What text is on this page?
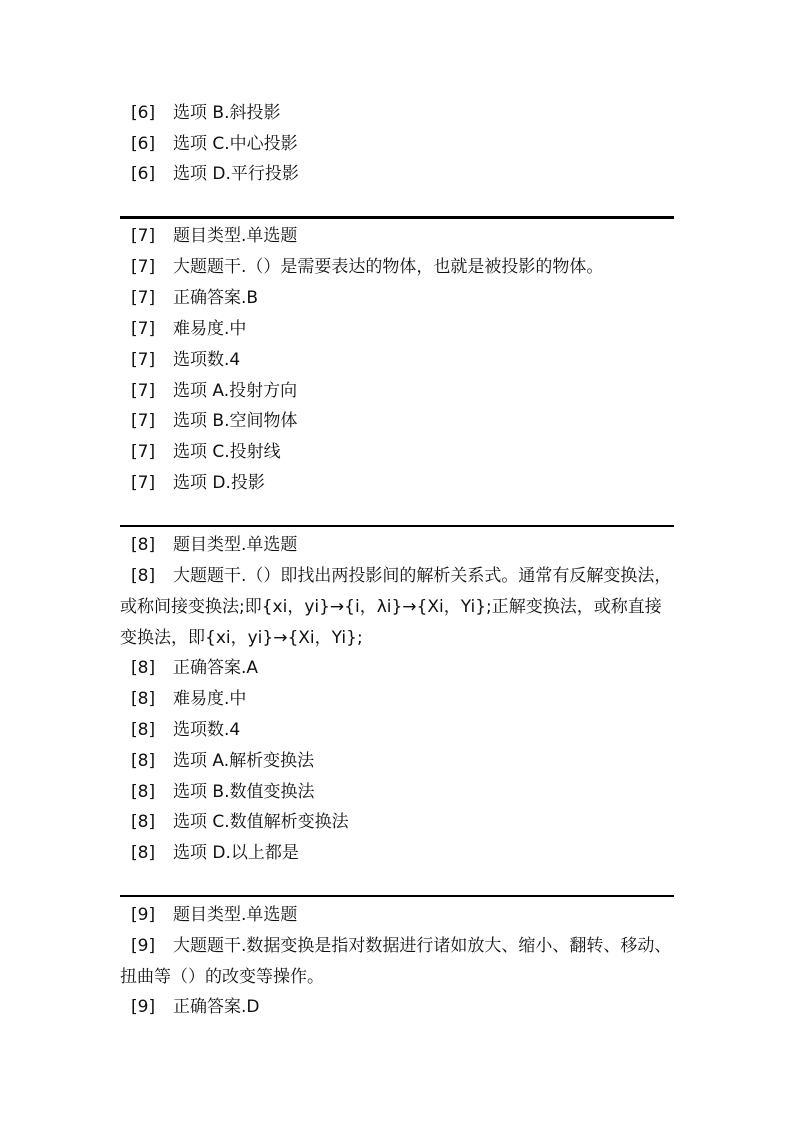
[6] 选项 B.斜投影
[6] 选项 C.中心投影
[6] 选项 D.平行投影
[7] 题目类型.单选题
[7] 大题题干.（）是需要表达的物体，也就是被投影的物体。
[7] 正确答案.B
[7] 难易度.中
[7] 选项数.4
[7] 选项 A.投射方向
[7] 选项 B.空间物体
[7] 选项 C.投射线
[7] 选项 D.投影
[8] 题目类型.单选题
[8] 大题题干.（）即找出两投影间的解析关系式。通常有反解变换法，或称间接变换法;即{xi，yi}→{i，λi}→{Xi，Yi};正解变换法，或称直接变换法，即{xi，yi}→{Xi，Yi};
[8] 正确答案.A
[8] 难易度.中
[8] 选项数.4
[8] 选项 A.解析变换法
[8] 选项 B.数值变换法
[8] 选项 C.数值解析变换法
[8] 选项 D.以上都是
[9] 题目类型.单选题
[9] 大题题干.数据变换是指对数据进行诸如放大、缩小、翻转、移动、扭曲等（）的改变等操作。
[9] 正确答案.D
